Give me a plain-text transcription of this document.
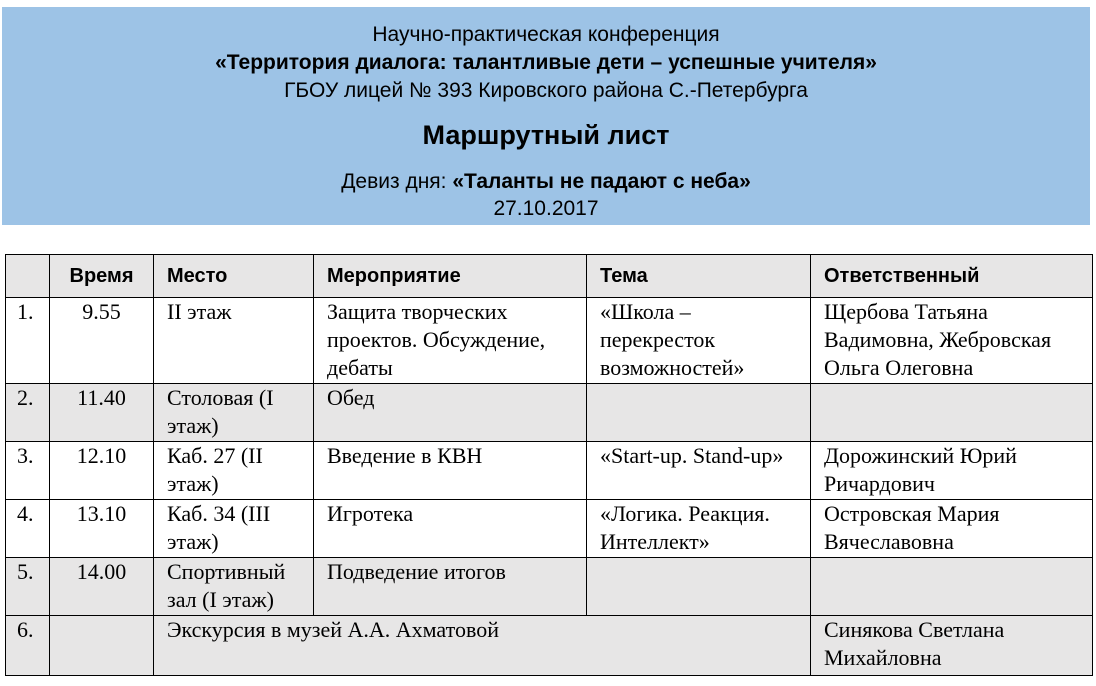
Научно-практическая конференция
«Территория диалога: талантливые дети – успешные учителя»
ГБОУ лицей № 393 Кировского района С.-Петербурга
Маршрутный лист
Девиз дня: «Таланты не падают с неба»
27.10.2017
	Время	Место	Мероприятие	Тема	Ответственный
1.	9.55	II этаж	Защита творческих проектов. Обсуждение, дебаты	«Школа – перекресток возможностей»	Щербова Татьяна Вадимовна, Жебровская Ольга Олеговна
2.	11.40	Столовая (I этаж)	Обед		
3.	12.10	Каб. 27 (II этаж)	Введение в КВН	«Start-up. Stand-up»	Дорожинский Юрий Ричардович
4.	13.10	Каб. 34 (III этаж)	Игротека	«Логика. Реакция. Интеллект»	Островская Мария Вячеславовна
5.	14.00	Спортивный зал (I этаж)	Подведение итогов		
6.		Экскурсия в музей А.А. Ахматовой			Синякова Светлана Михайловна
